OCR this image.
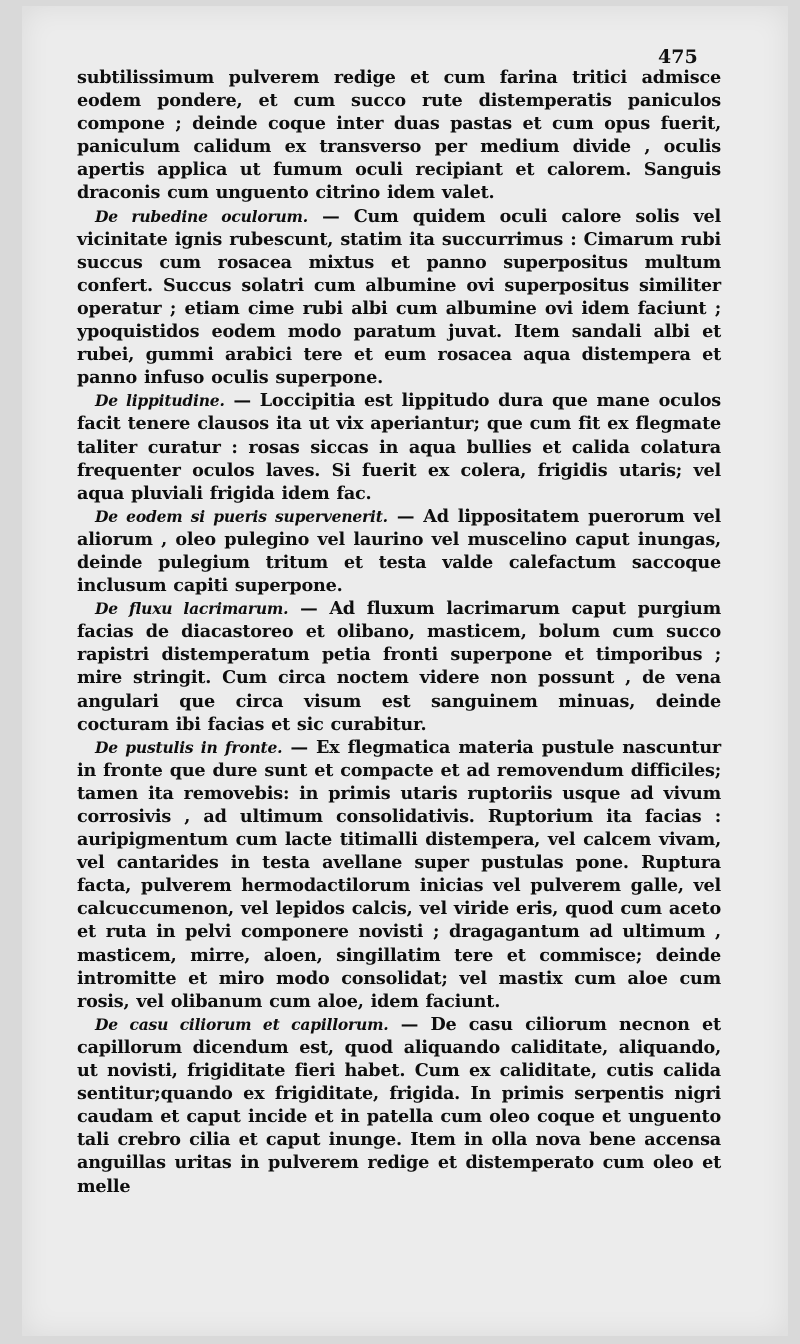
475

subtilissimum pulverem redige et cum farina tritici admisce eodem pondere, et cum succo rute distemperatis paniculos compone ; deinde coque inter duas pastas et cum opus fuerit, paniculum calidum ex transverso per medium divide , oculis apertis applica ut fumum oculi recipiant et calorem. Sanguis draconis cum unguento citrino idem valet.

De rubedine oculorum. — Cum quidem oculi calore solis vel vicinitate ignis rubescunt, statim ita succurrimus : Cimarum rubi succus cum rosacea mixtus et panno superpositus multum confert. Succus solatri cum albumine ovi superpositus similiter operatur ; etiam cime rubi albi cum albumine ovi idem faciunt ; ypoquistidos eodem modo paratum juvat. Item sandali albi et rubei, gummi arabici tere et eum rosacea aqua distempera et panno infuso oculis superpone.

De lippitudine. — Loccipitia est lippitudo dura que mane oculos facit tenere clausos ita ut vix aperiantur; que cum fit ex flegmate taliter curatur : rosas siccas in aqua bullies et calida colatura frequenter oculos laves. Si fuerit ex colera, frigidis utaris; vel aqua pluviali frigida idem fac.

De eodem si pueris supervenerit. — Ad lippositatem puerorum vel aliorum , oleo pulegino vel laurino vel muscelino caput inungas, deinde pulegium tritum et testa valde calefactum saccoque inclusum capiti superpone.

De fluxu lacrimarum. — Ad fluxum lacrimarum caput purgium facias de diacastoreo et olibano, masticem, bolum cum succo rapistri distemperatum petia fronti superpone et timporibus ; mire stringit. Cum circa noctem videre non possunt , de vena angulari que circa visum est sanguinem minuas, deinde cocturam ibi facias et sic curabitur.

De pustulis in fronte. — Ex flegmatica materia pustule nascuntur in fronte que dure sunt et compacte et ad removendum difficiles; tamen ita removebis: in primis utaris ruptoriis usque ad vivum corrosivis , ad ultimum consolidativis. Ruptorium ita facias : auripigmentum cum lacte titimalli distempera, vel calcem vivam, vel cantarides in testa avellane super pustulas pone. Ruptura facta, pulverem hermodactilorum inicias vel pulverem galle, vel calcuccumenon, vel lepidos calcis, vel viride eris, quod cum aceto et ruta in pelvi componere novisti ; dragagantum ad ultimum , masticem, mirre, aloen, singillatim tere et commisce; deinde intromitte et miro modo consolidat; vel mastix cum aloe cum rosis, vel olibanum cum aloe, idem faciunt.

De casu ciliorum et capillorum. — De casu ciliorum necnon et capillorum dicendum est, quod aliquando caliditate, aliquando, ut novisti, frigiditate fieri habet. Cum ex caliditate, cutis calida sentitur;quando ex frigiditate, frigida. In primis serpentis nigri caudam et caput incide et in patella cum oleo coque et unguento tali crebro cilia et caput inunge. Item in olla nova bene accensa anguillas uritas in pulverem redige et distemperato cum oleo et melle
